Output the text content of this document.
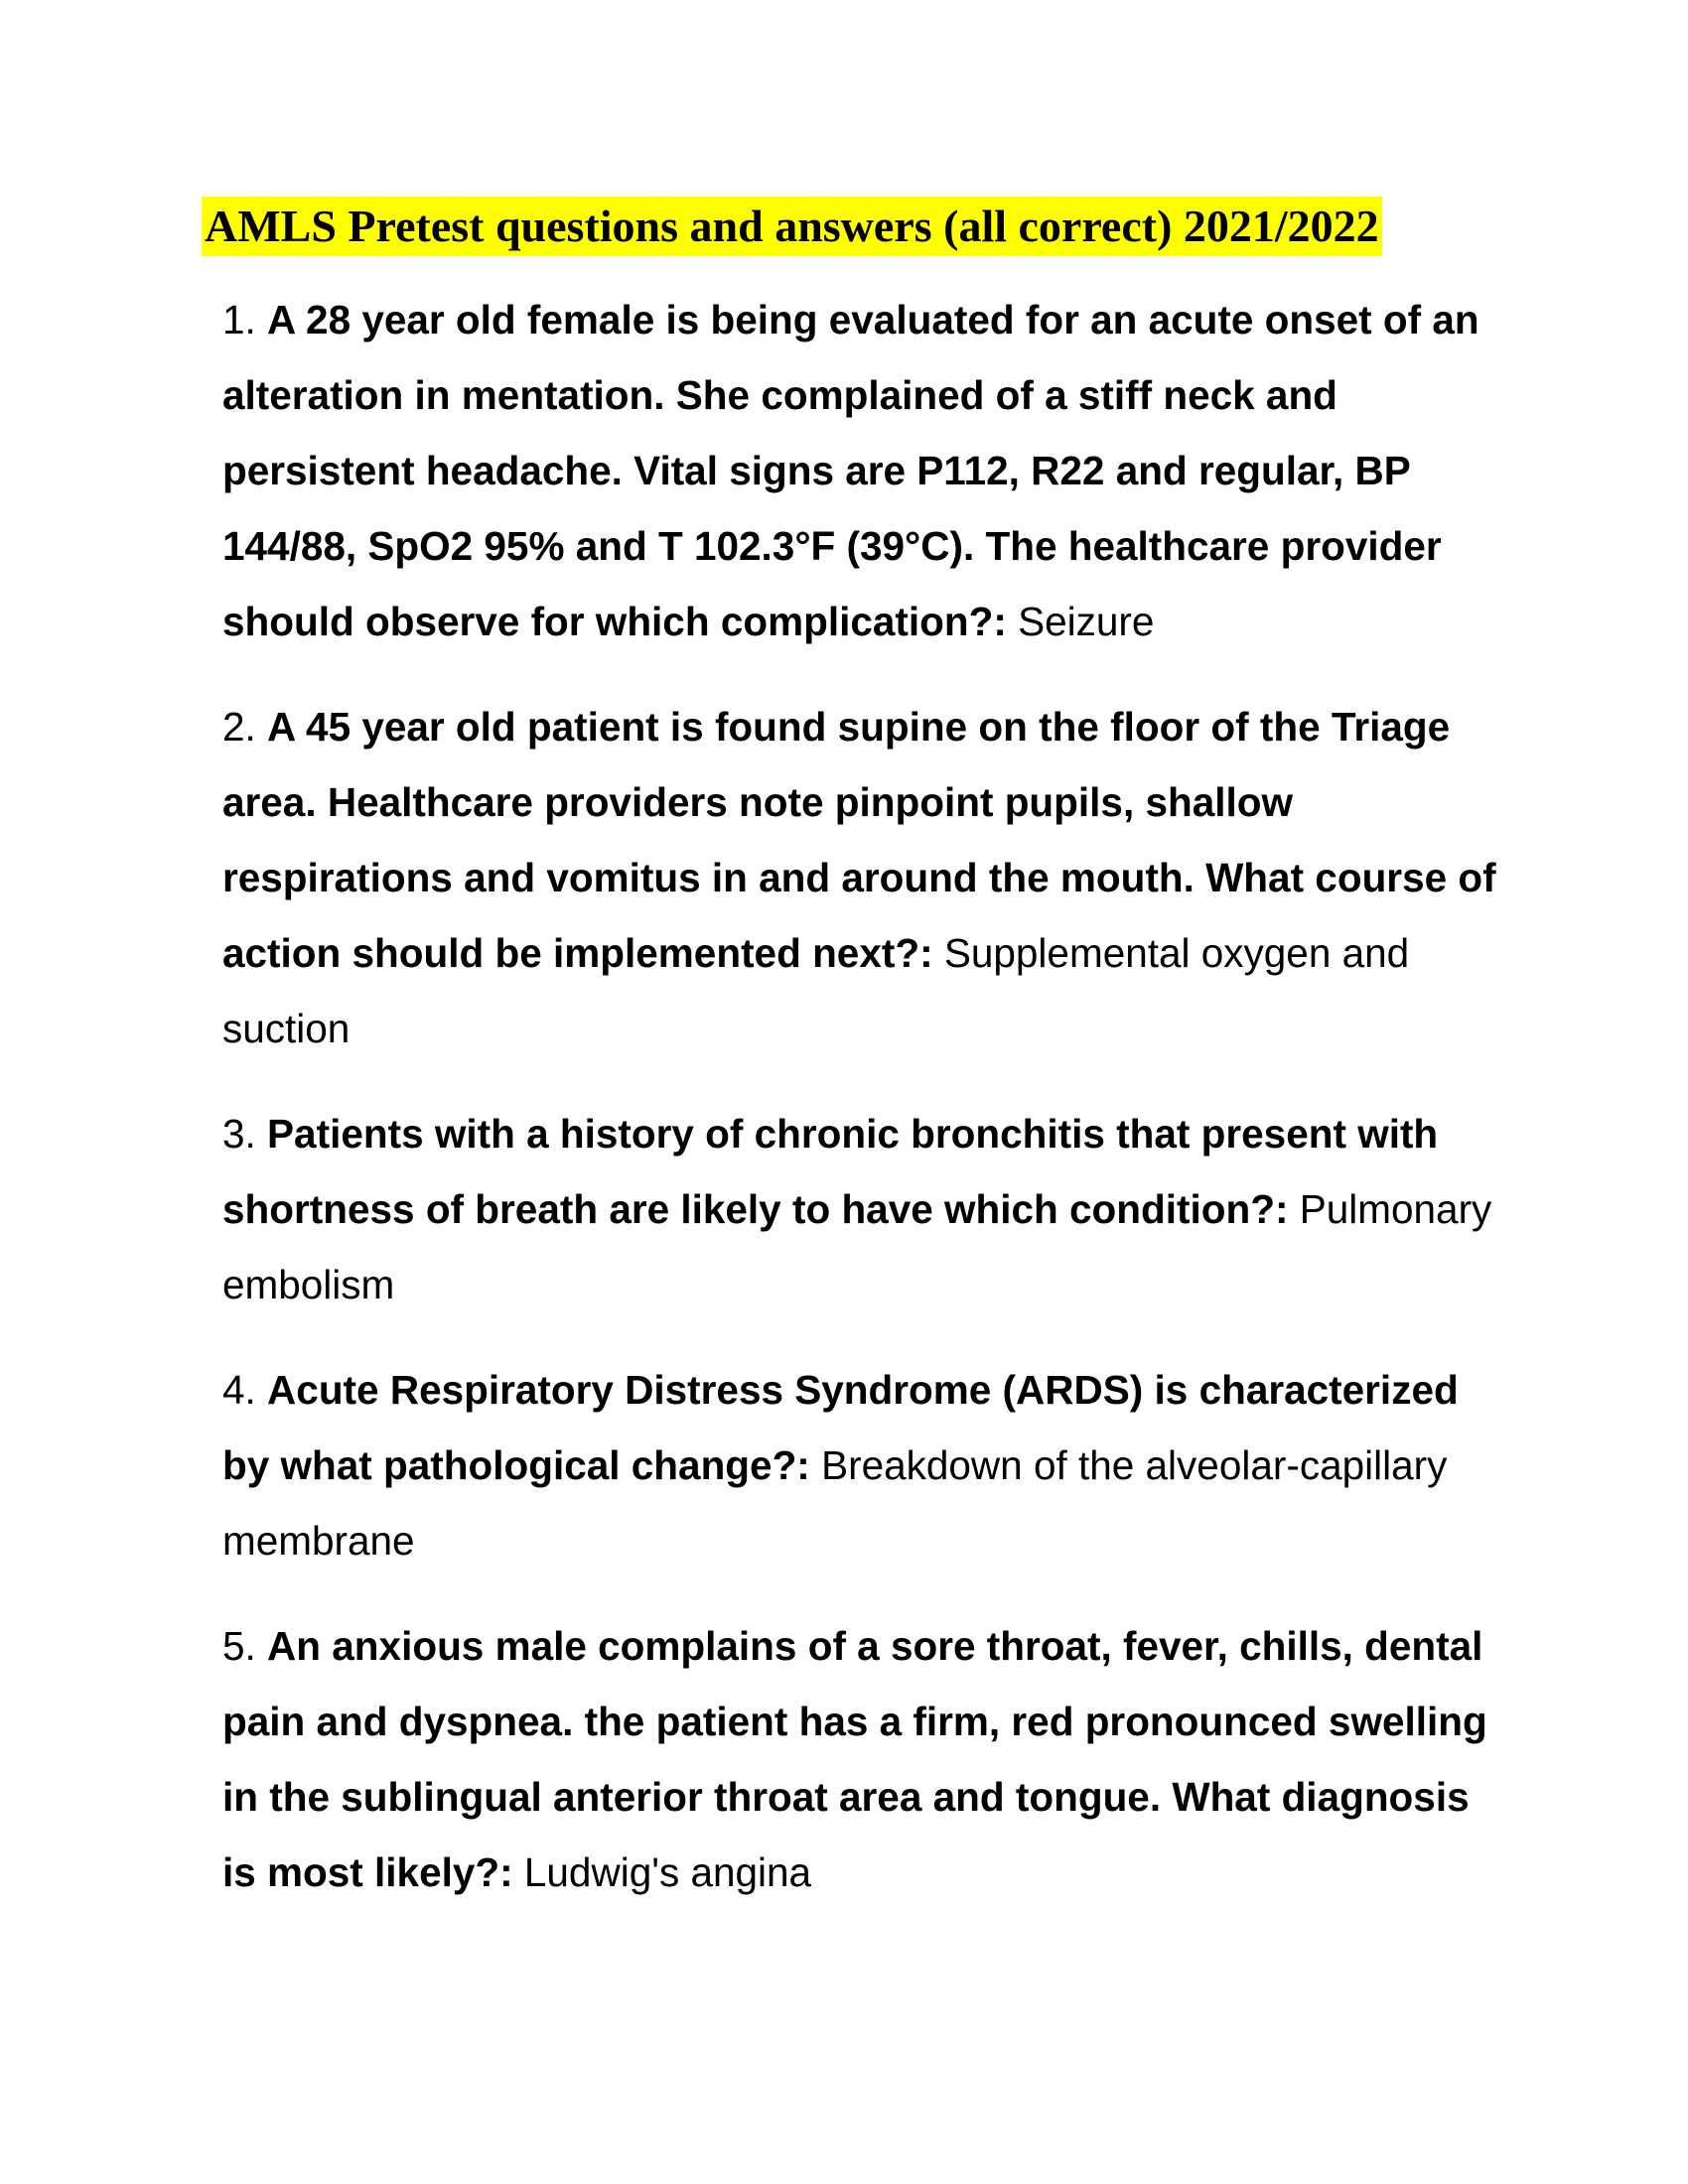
AMLS Pretest questions and answers (all correct) 2021/2022

1. A 28 year old female is being evaluated for an acute onset of an alteration in mentation. She complained of a stiff neck and persistent headache. Vital signs are P112, R22 and regular, BP 144/88, SpO2 95% and T 102.3°F (39°C). The healthcare provider should observe for which complication?: Seizure

2. A 45 year old patient is found supine on the floor of the Triage area. Healthcare providers note pinpoint pupils, shallow respirations and vomitus in and around the mouth. What course of action should be implemented next?: Supplemental oxygen and suction

3. Patients with a history of chronic bronchitis that present with shortness of breath are likely to have which condition?: Pulmonary embolism

4. Acute Respiratory Distress Syndrome (ARDS) is characterized by what pathological change?: Breakdown of the alveolar-capillary membrane

5. An anxious male complains of a sore throat, fever, chills, dental pain and dyspnea. the patient has a firm, red pronounced swelling in the sublingual anterior throat area and tongue. What diagnosis is most likely?: Ludwig's angina
